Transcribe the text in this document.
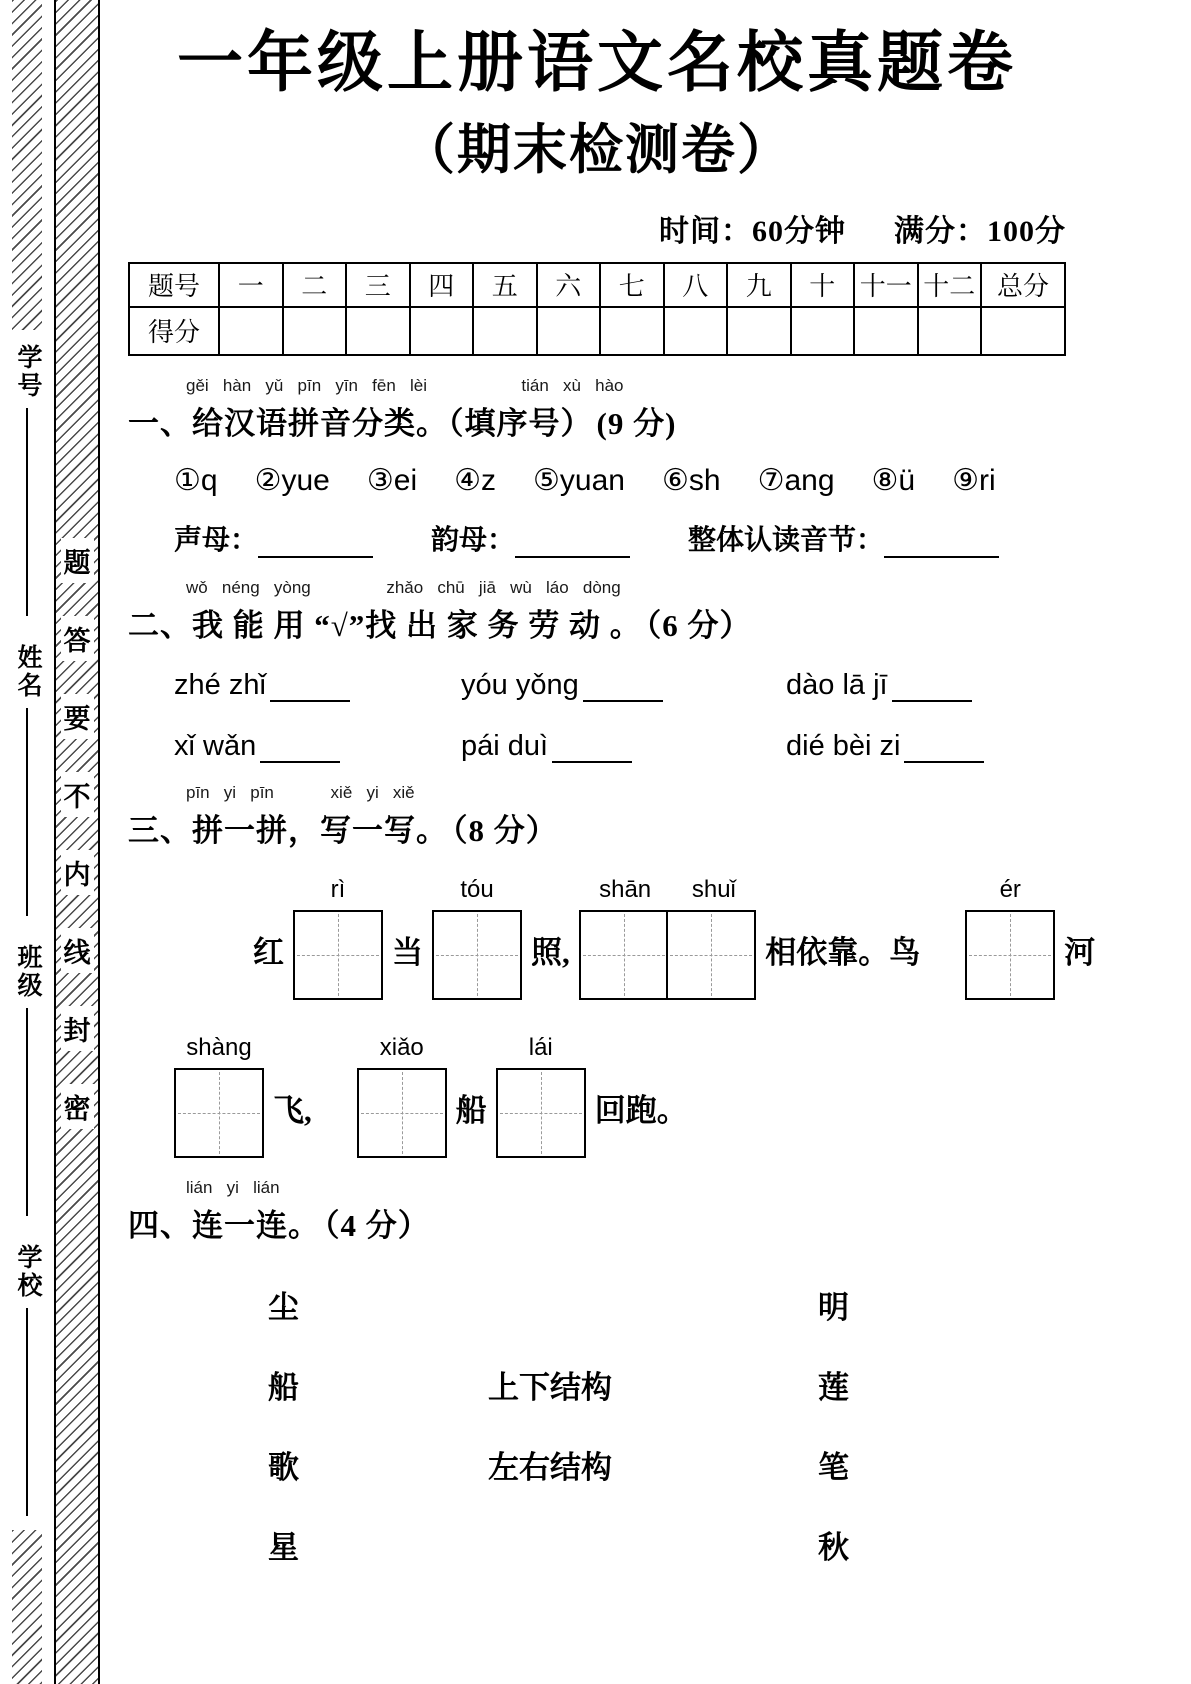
学号
姓名
班级
学校
题
答
要
不
内
线
封
密
一年级上册语文名校真题卷
（期末检测卷）
时间：60分钟 满分：100分
题号	一	二	三	四	五	六	七	八	九	十	十一	十二	总分
得分													
gěi   hàn   yǔ   pīn   yīn   fēn   lèi                    tián   xù   hào
一、给汉语拼音分类。（填序号） (9 分)
①q ②yue ③ei ④z ⑤yuan ⑥sh ⑦ang ⑧ü ⑨ri
声母：	韵母：	整体认读音节：
wǒ   néng   yòng                zhǎo   chū   jiā   wù   láo   dòng
二、我 能 用 “√”找 出 家 务 劳 动 。 （6 分）
zhé zhǐ	yóu yǒng	dào lā jī
xǐ wǎn	pái duì	dié bèi zi
pīn   yi   pīn            xiě   yi   xiě
三、拼一拼，写一写。 （8 分）
红
rì
当
tóu
照,
shān shuǐ
相依靠。鸟
ér
河
shàng
飞,
xiǎo
船
lái
回跑。
lián   yi   lián
四、连一连。 （4 分）
尘
船
歌
星
上下结构
左右结构
明
莲
笔
秋
